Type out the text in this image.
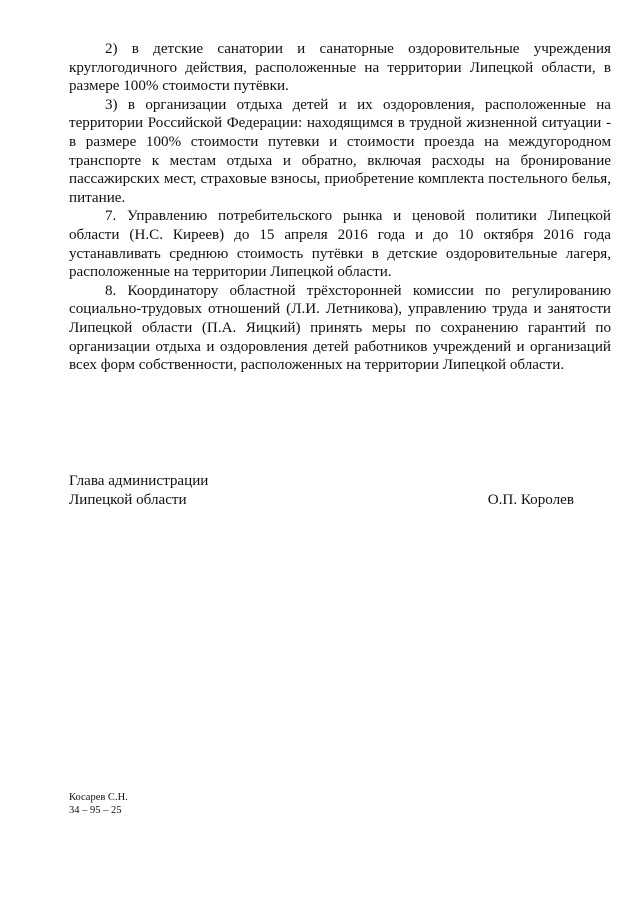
2) в детские санатории и санаторные оздоровительные учреждения круглогодичного действия, расположенные на территории Липецкой области, в размере 100% стоимости путёвки.

3) в организации отдыха детей и их оздоровления, расположенные на территории Российской Федерации: находящимся в трудной жизненной ситуации - в размере 100% стоимости путевки и стоимости проезда на междугородном транспорте к местам отдыха и обратно, включая расходы на бронирование пассажирских мест, страховые взносы, приобретение комплекта постельного белья, питание.

7. Управлению потребительского рынка и ценовой политики Липецкой области (Н.С. Киреев) до 15 апреля 2016 года и до 10 октября 2016 года устанавливать среднюю стоимость путёвки в детские оздоровительные лагеря, расположенные на территории Липецкой области.

8. Координатору областной трёхсторонней комиссии по регулированию социально-трудовых отношений (Л.И. Летникова), управлению труда и занятости Липецкой области (П.А. Яицкий) принять меры по сохранению гарантий по организации отдыха и оздоровления детей работников учреждений и организаций всех форм собственности, расположенных на территории Липецкой области.

Глава администрации
Липецкой области	О.П. Королев
Косарев С.Н.
34 – 95 – 25
